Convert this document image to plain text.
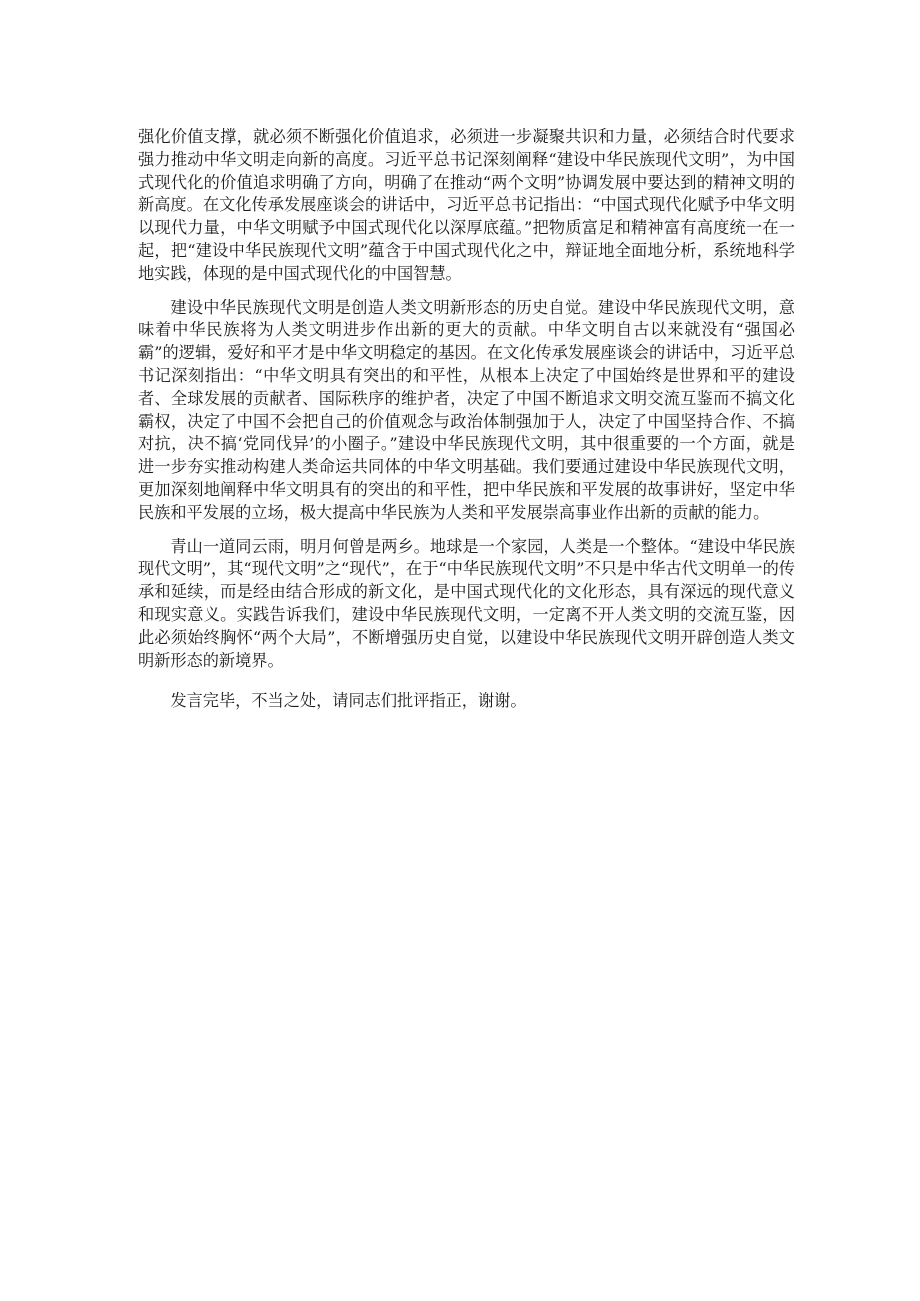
强化价值支撑，就必须不断强化价值追求，必须进一步凝聚共识和力量，必须结合时代要求强力推动中华文明走向新的高度。习近平总书记深刻阐释“建设中华民族现代文明”，为中国式现代化的价值追求明确了方向，明确了在推动“两个文明”协调发展中要达到的精神文明的新高度。在文化传承发展座谈会的讲话中，习近平总书记指出：“中国式现代化赋予中华文明以现代力量，中华文明赋予中国式现代化以深厚底蕴。”把物质富足和精神富有高度统一在一起，把“建设中华民族现代文明”蕴含于中国式现代化之中，辩证地全面地分析，系统地科学地实践，体现的是中国式现代化的中国智慧。

建设中华民族现代文明是创造人类文明新形态的历史自觉。建设中华民族现代文明，意味着中华民族将为人类文明进步作出新的更大的贡献。中华文明自古以来就没有“强国必霸”的逻辑，爱好和平才是中华文明稳定的基因。在文化传承发展座谈会的讲话中，习近平总书记深刻指出：“中华文明具有突出的和平性，从根本上决定了中国始终是世界和平的建设者、全球发展的贡献者、国际秩序的维护者，决定了中国不断追求文明交流互鉴而不搞文化霸权，决定了中国不会把自己的价值观念与政治体制强加于人，决定了中国坚持合作、不搞对抗，决不搞‘党同伐异’的小圈子。”建设中华民族现代文明，其中很重要的一个方面，就是进一步夯实推动构建人类命运共同体的中华文明基础。我们要通过建设中华民族现代文明，更加深刻地阐释中华文明具有的突出的和平性，把中华民族和平发展的故事讲好，坚定中华民族和平发展的立场，极大提高中华民族为人类和平发展崇高事业作出新的贡献的能力。

青山一道同云雨，明月何曾是两乡。地球是一个家园，人类是一个整体。“建设中华民族现代文明”，其“现代文明”之“现代”，在于“中华民族现代文明”不只是中华古代文明单一的传承和延续，而是经由结合形成的新文化，是中国式现代化的文化形态，具有深远的现代意义和现实意义。实践告诉我们，建设中华民族现代文明，一定离不开人类文明的交流互鉴，因此必须始终胸怀“两个大局”，不断增强历史自觉，以建设中华民族现代文明开辟创造人类文明新形态的新境界。

发言完毕，不当之处，请同志们批评指正，谢谢。
